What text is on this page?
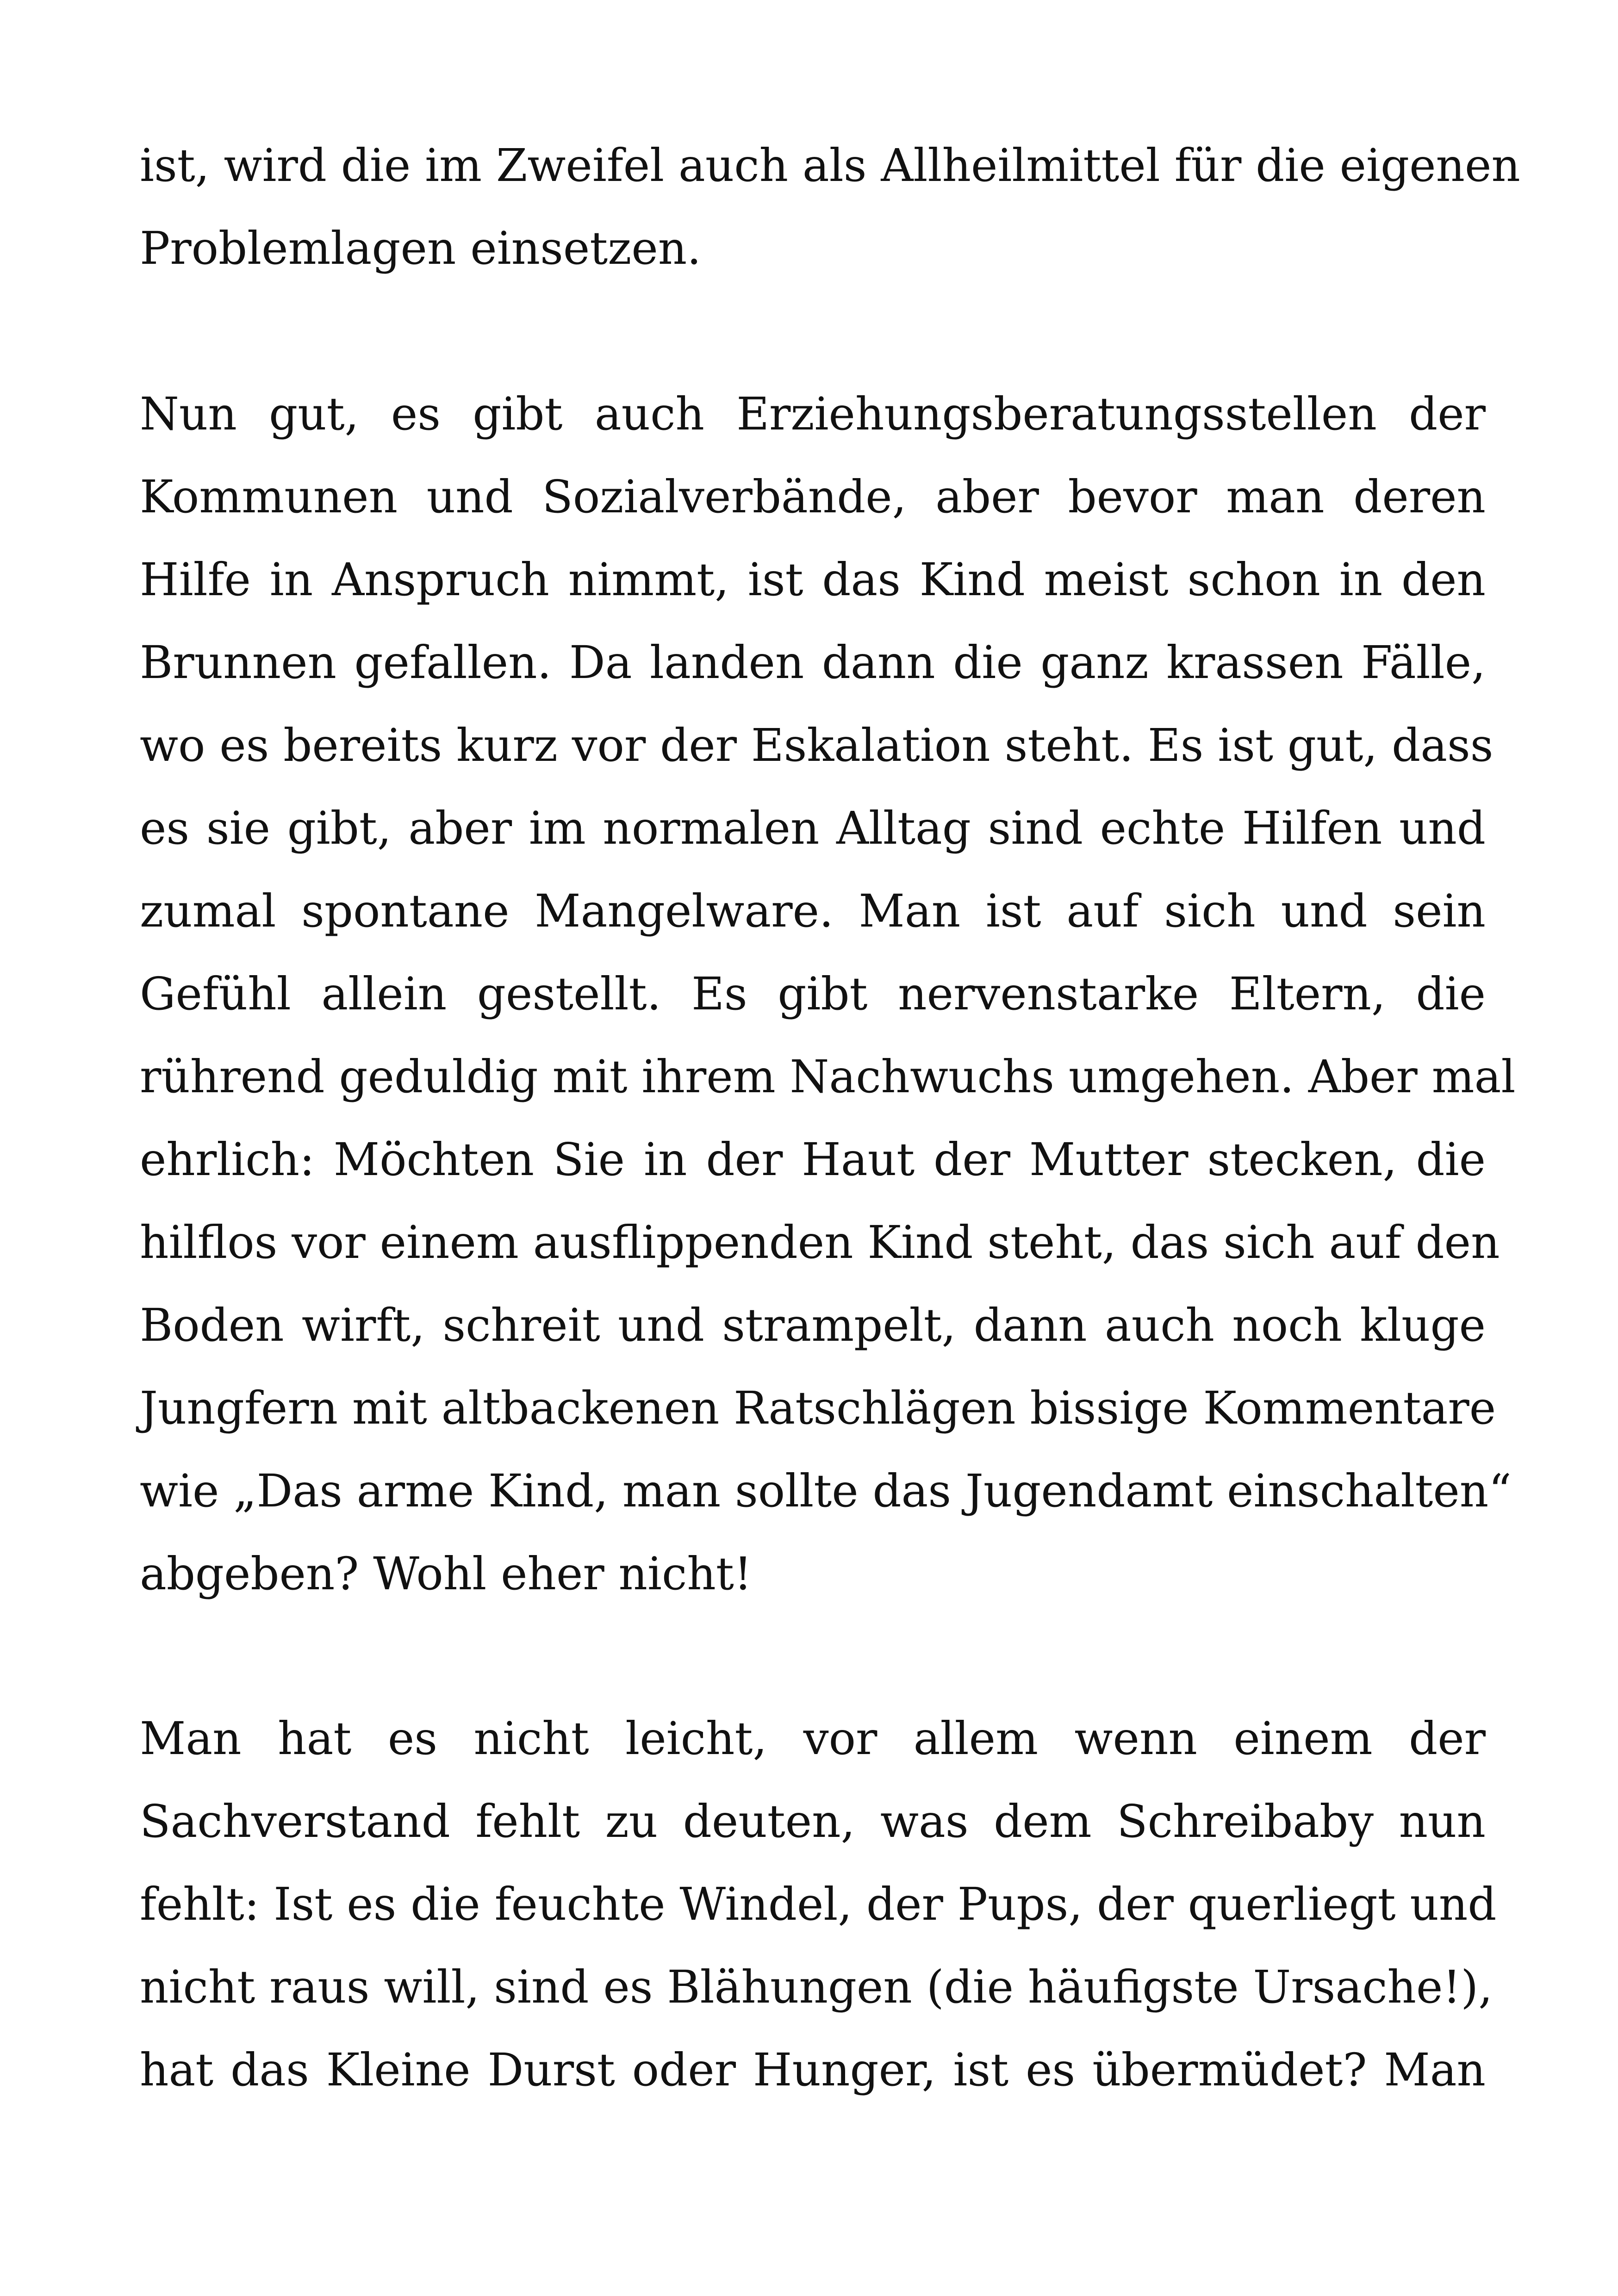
ist, wird die im Zweifel auch als Allheilmittel für die eigenen
Problemlagen einsetzen.
Nun gut, es gibt auch Erziehungsberatungsstellen der
Kommunen und Sozialverbände, aber bevor man deren
Hilfe in Anspruch nimmt, ist das Kind meist schon in den
Brunnen gefallen. Da landen dann die ganz krassen Fälle,
wo es bereits kurz vor der Eskalation steht. Es ist gut, dass
es sie gibt, aber im normalen Alltag sind echte Hilfen und
zumal spontane Mangelware. Man ist auf sich und sein
Gefühl allein gestellt. Es gibt nervenstarke Eltern, die
rührend geduldig mit ihrem Nachwuchs umgehen. Aber mal
ehrlich: Möchten Sie in der Haut der Mutter stecken, die
hilflos vor einem ausflippenden Kind steht, das sich auf den
Boden wirft, schreit und strampelt, dann auch noch kluge
Jungfern mit altbackenen Ratschlägen bissige Kommentare
wie „Das arme Kind, man sollte das Jugendamt einschalten“
abgeben? Wohl eher nicht!
Man hat es nicht leicht, vor allem wenn einem der
Sachverstand fehlt zu deuten, was dem Schreibaby nun
fehlt: Ist es die feuchte Windel, der Pups, der querliegt und
nicht raus will, sind es Blähungen (die häufigste Ursache!),
hat das Kleine Durst oder Hunger, ist es übermüdet? Man
